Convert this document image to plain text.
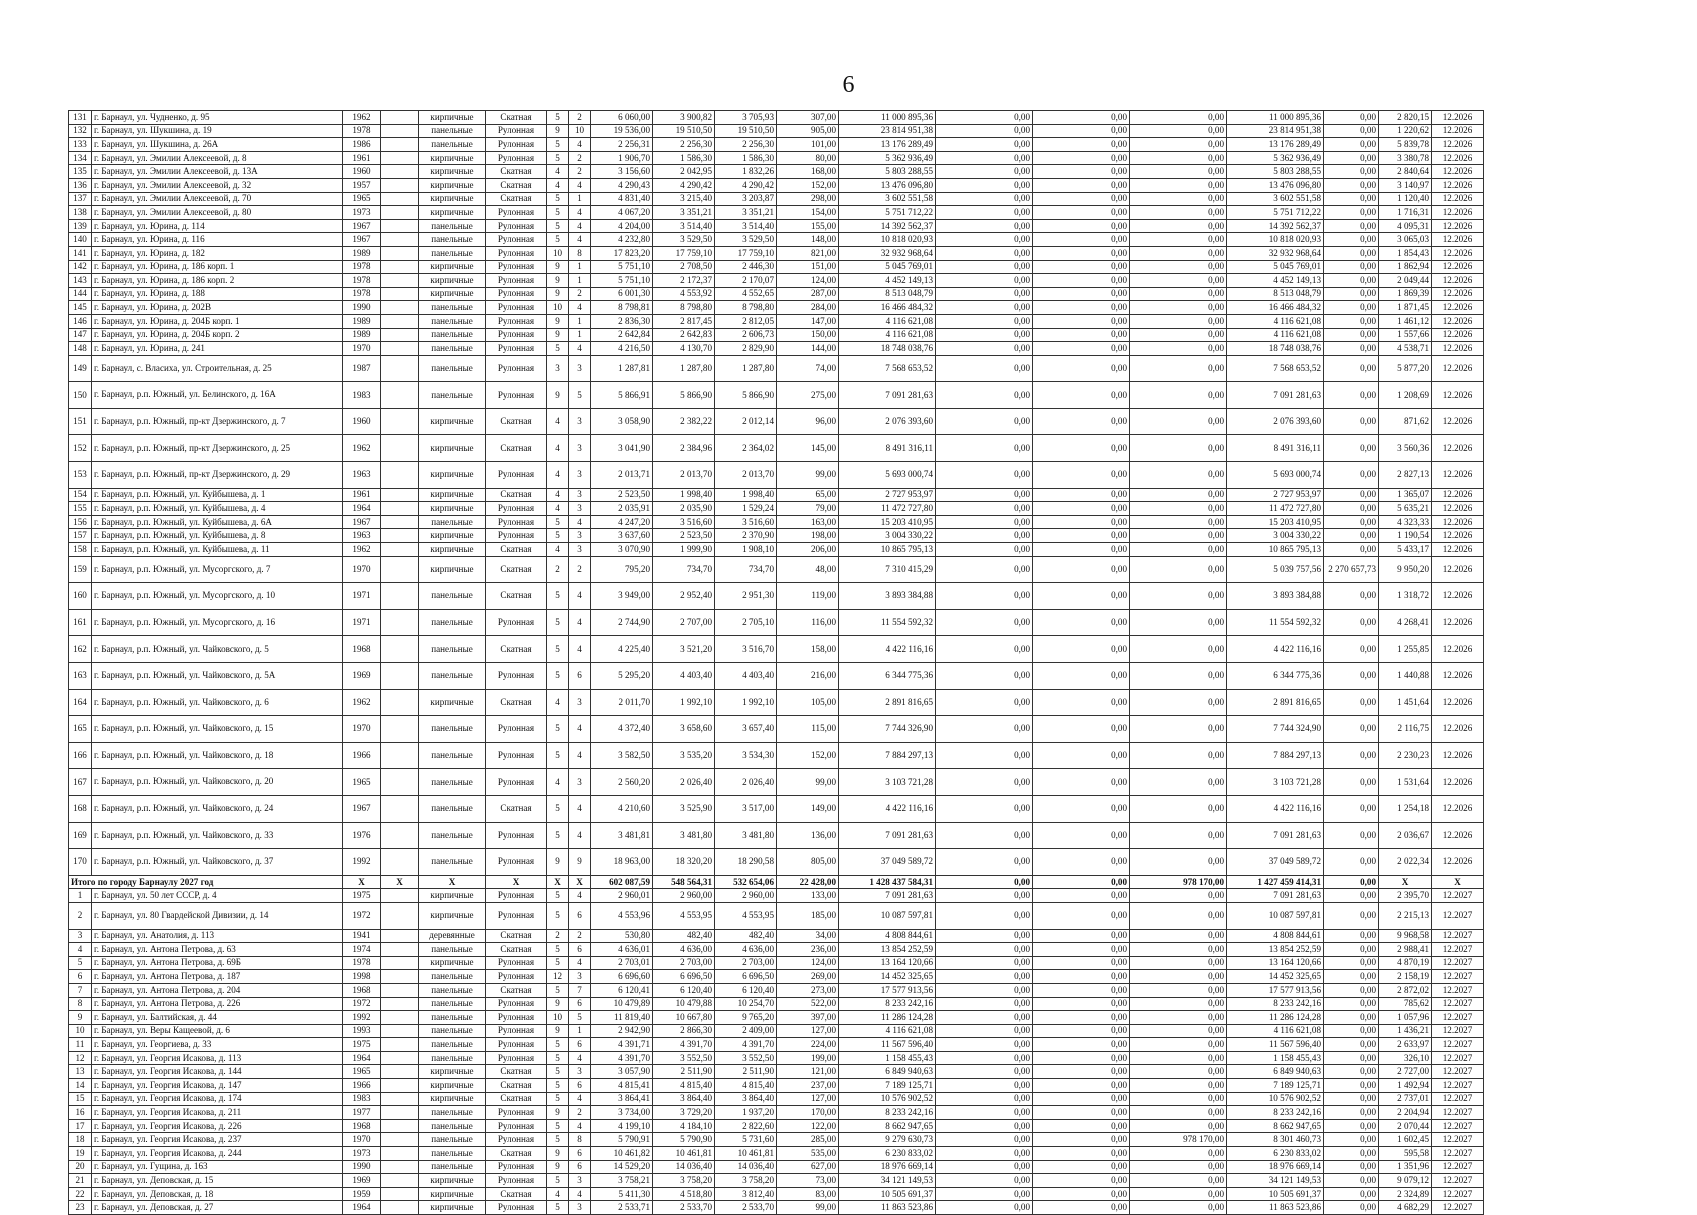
6
131	г. Барнаул, ул. Чудненко, д. 95	1962		кирпичные	Скатная	5	2	6 060,00	3 900,82	3 705,93	307,00	11 000 895,36	0,00	0,00	0,00	11 000 895,36	0,00	2 820,15	12.2026
132	г. Барнаул, ул. Шукшина, д. 19	1978		панельные	Рулонная	9	10	19 536,00	19 510,50	19 510,50	905,00	23 814 951,38	0,00	0,00	0,00	23 814 951,38	0,00	1 220,62	12.2026
133	г. Барнаул, ул. Шукшина, д. 26А	1986		панельные	Рулонная	5	4	2 256,31	2 256,30	2 256,30	101,00	13 176 289,49	0,00	0,00	0,00	13 176 289,49	0,00	5 839,78	12.2026
134	г. Барнаул, ул. Эмилии Алексеевой, д. 8	1961		кирпичные	Рулонная	5	2	1 906,70	1 586,30	1 586,30	80,00	5 362 936,49	0,00	0,00	0,00	5 362 936,49	0,00	3 380,78	12.2026
135	г. Барнаул, ул. Эмилии Алексеевой, д. 13А	1960		кирпичные	Скатная	4	2	3 156,60	2 042,95	1 832,26	168,00	5 803 288,55	0,00	0,00	0,00	5 803 288,55	0,00	2 840,64	12.2026
136	г. Барнаул, ул. Эмилии Алексеевой, д. 32	1957		кирпичные	Скатная	4	4	4 290,43	4 290,42	4 290,42	152,00	13 476 096,80	0,00	0,00	0,00	13 476 096,80	0,00	3 140,97	12.2026
137	г. Барнаул, ул. Эмилии Алексеевой, д. 70	1965		кирпичные	Скатная	5	1	4 831,40	3 215,40	3 203,87	298,00	3 602 551,58	0,00	0,00	0,00	3 602 551,58	0,00	1 120,40	12.2026
138	г. Барнаул, ул. Эмилии Алексеевой, д. 80	1973		кирпичные	Рулонная	5	4	4 067,20	3 351,21	3 351,21	154,00	5 751 712,22	0,00	0,00	0,00	5 751 712,22	0,00	1 716,31	12.2026
139	г. Барнаул, ул. Юрина, д. 114	1967		панельные	Рулонная	5	4	4 204,00	3 514,40	3 514,40	155,00	14 392 562,37	0,00	0,00	0,00	14 392 562,37	0,00	4 095,31	12.2026
140	г. Барнаул, ул. Юрина, д. 116	1967		панельные	Рулонная	5	4	4 232,80	3 529,50	3 529,50	148,00	10 818 020,93	0,00	0,00	0,00	10 818 020,93	0,00	3 065,03	12.2026
141	г. Барнаул, ул. Юрина, д. 182	1989		панельные	Рулонная	10	8	17 823,20	17 759,10	17 759,10	821,00	32 932 968,64	0,00	0,00	0,00	32 932 968,64	0,00	1 854,43	12.2026
142	г. Барнаул, ул. Юрина, д. 186 корп. 1	1978		кирпичные	Рулонная	9	1	5 751,10	2 708,50	2 446,30	151,00	5 045 769,01	0,00	0,00	0,00	5 045 769,01	0,00	1 862,94	12.2026
143	г. Барнаул, ул. Юрина, д. 186 корп. 2	1978		кирпичные	Рулонная	9	1	5 751,10	2 172,37	2 170,07	124,00	4 452 149,13	0,00	0,00	0,00	4 452 149,13	0,00	2 049,44	12.2026
144	г. Барнаул, ул. Юрина, д. 188	1978		кирпичные	Рулонная	9	2	6 001,30	4 553,92	4 552,65	287,00	8 513 048,79	0,00	0,00	0,00	8 513 048,79	0,00	1 869,39	12.2026
145	г. Барнаул, ул. Юрина, д. 202В	1990		панельные	Рулонная	10	4	8 798,81	8 798,80	8 798,80	284,00	16 466 484,32	0,00	0,00	0,00	16 466 484,32	0,00	1 871,45	12.2026
146	г. Барнаул, ул. Юрина, д. 204Б корп. 1	1989		панельные	Рулонная	9	1	2 836,30	2 817,45	2 812,05	147,00	4 116 621,08	0,00	0,00	0,00	4 116 621,08	0,00	1 461,12	12.2026
147	г. Барнаул, ул. Юрина, д. 204Б корп. 2	1989		панельные	Рулонная	9	1	2 642,84	2 642,83	2 606,73	150,00	4 116 621,08	0,00	0,00	0,00	4 116 621,08	0,00	1 557,66	12.2026
148	г. Барнаул, ул. Юрина, д. 241	1970		панельные	Рулонная	5	4	4 216,50	4 130,70	2 829,90	144,00	18 748 038,76	0,00	0,00	0,00	18 748 038,76	0,00	4 538,71	12.2026
149	г. Барнаул, с. Власиха, ул. Строительная, д. 25	1987		панельные	Рулонная	3	3	1 287,81	1 287,80	1 287,80	74,00	7 568 653,52	0,00	0,00	0,00	7 568 653,52	0,00	5 877,20	12.2026
150	г. Барнаул, р.п. Южный, ул. Белинского, д. 16А	1983		панельные	Рулонная	9	5	5 866,91	5 866,90	5 866,90	275,00	7 091 281,63	0,00	0,00	0,00	7 091 281,63	0,00	1 208,69	12.2026
151	г. Барнаул, р.п. Южный, пр-кт Дзержинского, д. 7	1960		кирпичные	Скатная	4	3	3 058,90	2 382,22	2 012,14	96,00	2 076 393,60	0,00	0,00	0,00	2 076 393,60	0,00	871,62	12.2026
152	г. Барнаул, р.п. Южный, пр-кт Дзержинского, д. 25	1962		кирпичные	Скатная	4	3	3 041,90	2 384,96	2 364,02	145,00	8 491 316,11	0,00	0,00	0,00	8 491 316,11	0,00	3 560,36	12.2026
153	г. Барнаул, р.п. Южный, пр-кт Дзержинского, д. 29	1963		кирпичные	Рулонная	4	3	2 013,71	2 013,70	2 013,70	99,00	5 693 000,74	0,00	0,00	0,00	5 693 000,74	0,00	2 827,13	12.2026
154	г. Барнаул, р.п. Южный, ул. Куйбышева, д. 1	1961		кирпичные	Скатная	4	3	2 523,50	1 998,40	1 998,40	65,00	2 727 953,97	0,00	0,00	0,00	2 727 953,97	0,00	1 365,07	12.2026
155	г. Барнаул, р.п. Южный, ул. Куйбышева, д. 4	1964		кирпичные	Рулонная	4	3	2 035,91	2 035,90	1 529,24	79,00	11 472 727,80	0,00	0,00	0,00	11 472 727,80	0,00	5 635,21	12.2026
156	г. Барнаул, р.п. Южный, ул. Куйбышева, д. 6А	1967		панельные	Рулонная	5	4	4 247,20	3 516,60	3 516,60	163,00	15 203 410,95	0,00	0,00	0,00	15 203 410,95	0,00	4 323,33	12.2026
157	г. Барнаул, р.п. Южный, ул. Куйбышева, д. 8	1963		кирпичные	Рулонная	5	3	3 637,60	2 523,50	2 370,90	198,00	3 004 330,22	0,00	0,00	0,00	3 004 330,22	0,00	1 190,54	12.2026
158	г. Барнаул, р.п. Южный, ул. Куйбышева, д. 11	1962		кирпичные	Скатная	4	3	3 070,90	1 999,90	1 908,10	206,00	10 865 795,13	0,00	0,00	0,00	10 865 795,13	0,00	5 433,17	12.2026
159	г. Барнаул, р.п. Южный, ул. Мусоргского, д. 7	1970		кирпичные	Скатная	2	2	795,20	734,70	734,70	48,00	7 310 415,29	0,00	0,00	0,00	5 039 757,56	2 270 657,73	9 950,20	12.2026
160	г. Барнаул, р.п. Южный, ул. Мусоргского, д. 10	1971		панельные	Скатная	5	4	3 949,00	2 952,40	2 951,30	119,00	3 893 384,88	0,00	0,00	0,00	3 893 384,88	0,00	1 318,72	12.2026
161	г. Барнаул, р.п. Южный, ул. Мусоргского, д. 16	1971		панельные	Рулонная	5	4	2 744,90	2 707,00	2 705,10	116,00	11 554 592,32	0,00	0,00	0,00	11 554 592,32	0,00	4 268,41	12.2026
162	г. Барнаул, р.п. Южный, ул. Чайковского, д. 5	1968		панельные	Скатная	5	4	4 225,40	3 521,20	3 516,70	158,00	4 422 116,16	0,00	0,00	0,00	4 422 116,16	0,00	1 255,85	12.2026
163	г. Барнаул, р.п. Южный, ул. Чайковского, д. 5А	1969		панельные	Рулонная	5	6	5 295,20	4 403,40	4 403,40	216,00	6 344 775,36	0,00	0,00	0,00	6 344 775,36	0,00	1 440,88	12.2026
164	г. Барнаул, р.п. Южный, ул. Чайковского, д. 6	1962		кирпичные	Скатная	4	3	2 011,70	1 992,10	1 992,10	105,00	2 891 816,65	0,00	0,00	0,00	2 891 816,65	0,00	1 451,64	12.2026
165	г. Барнаул, р.п. Южный, ул. Чайковского, д. 15	1970		панельные	Рулонная	5	4	4 372,40	3 658,60	3 657,40	115,00	7 744 326,90	0,00	0,00	0,00	7 744 324,90	0,00	2 116,75	12.2026
166	г. Барнаул, р.п. Южный, ул. Чайковского, д. 18	1966		панельные	Рулонная	5	4	3 582,50	3 535,20	3 534,30	152,00	7 884 297,13	0,00	0,00	0,00	7 884 297,13	0,00	2 230,23	12.2026
167	г. Барнаул, р.п. Южный, ул. Чайковского, д. 20	1965		панельные	Рулонная	4	3	2 560,20	2 026,40	2 026,40	99,00	3 103 721,28	0,00	0,00	0,00	3 103 721,28	0,00	1 531,64	12.2026
168	г. Барнаул, р.п. Южный, ул. Чайковского, д. 24	1967		панельные	Скатная	5	4	4 210,60	3 525,90	3 517,00	149,00	4 422 116,16	0,00	0,00	0,00	4 422 116,16	0,00	1 254,18	12.2026
169	г. Барнаул, р.п. Южный, ул. Чайковского, д. 33	1976		панельные	Рулонная	5	4	3 481,81	3 481,80	3 481,80	136,00	7 091 281,63	0,00	0,00	0,00	7 091 281,63	0,00	2 036,67	12.2026
170	г. Барнаул, р.п. Южный, ул. Чайковского, д. 37	1992		панельные	Рулонная	9	9	18 963,00	18 320,20	18 290,58	805,00	37 049 589,72	0,00	0,00	0,00	37 049 589,72	0,00	2 022,34	12.2026
Итого по городу Барнаулу 2027 год		X	X	X	X	X	X	602 087,59	548 564,31	532 654,06	22 428,00	1 428 437 584,31	0,00	0,00	978 170,00	1 427 459 414,31	0,00	X	X
1	г. Барнаул, ул. 50 лет СССР, д. 4	1975		кирпичные	Рулонная	5	4	2 960,01	2 960,00	2 960,00	133,00	7 091 281,63	0,00	0,00	0,00	7 091 281,63	0,00	2 395,70	12.2027
2	г. Барнаул, ул. 80 Гвардейской Дивизии, д. 14	1972		кирпичные	Рулонная	5	6	4 553,96	4 553,95	4 553,95	185,00	10 087 597,81	0,00	0,00	0,00	10 087 597,81	0,00	2 215,13	12.2027
3	г. Барнаул, ул. Анатолия, д. 113	1941		деревянные	Скатная	2	2	530,80	482,40	482,40	34,00	4 808 844,61	0,00	0,00	0,00	4 808 844,61	0,00	9 968,58	12.2027
4	г. Барнаул, ул. Антона Петрова, д. 63	1974		панельные	Скатная	5	6	4 636,01	4 636,00	4 636,00	236,00	13 854 252,59	0,00	0,00	0,00	13 854 252,59	0,00	2 988,41	12.2027
5	г. Барнаул, ул. Антона Петрова, д. 69Б	1978		кирпичные	Рулонная	5	4	2 703,01	2 703,00	2 703,00	124,00	13 164 120,66	0,00	0,00	0,00	13 164 120,66	0,00	4 870,19	12.2027
6	г. Барнаул, ул. Антона Петрова, д. 187	1998		панельные	Рулонная	12	3	6 696,60	6 696,50	6 696,50	269,00	14 452 325,65	0,00	0,00	0,00	14 452 325,65	0,00	2 158,19	12.2027
7	г. Барнаул, ул. Антона Петрова, д. 204	1968		панельные	Скатная	5	7	6 120,41	6 120,40	6 120,40	273,00	17 577 913,56	0,00	0,00	0,00	17 577 913,56	0,00	2 872,02	12.2027
8	г. Барнаул, ул. Антона Петрова, д. 226	1972		панельные	Рулонная	9	6	10 479,89	10 479,88	10 254,70	522,00	8 233 242,16	0,00	0,00	0,00	8 233 242,16	0,00	785,62	12.2027
9	г. Барнаул, ул. Балтийская, д. 44	1992		панельные	Рулонная	10	5	11 819,40	10 667,80	9 765,20	397,00	11 286 124,28	0,00	0,00	0,00	11 286 124,28	0,00	1 057,96	12.2027
10	г. Барнаул, ул. Веры Кащеевой, д. 6	1993		панельные	Рулонная	9	1	2 942,90	2 866,30	2 409,00	127,00	4 116 621,08	0,00	0,00	0,00	4 116 621,08	0,00	1 436,21	12.2027
11	г. Барнаул, ул. Георгиева, д. 33	1975		панельные	Рулонная	5	6	4 391,71	4 391,70	4 391,70	224,00	11 567 596,40	0,00	0,00	0,00	11 567 596,40	0,00	2 633,97	12.2027
12	г. Барнаул, ул. Георгия Исакова, д. 113	1964		панельные	Рулонная	5	4	4 391,70	3 552,50	3 552,50	199,00	1 158 455,43	0,00	0,00	0,00	1 158 455,43	0,00	326,10	12.2027
13	г. Барнаул, ул. Георгия Исакова, д. 144	1965		кирпичные	Скатная	5	3	3 057,90	2 511,90	2 511,90	121,00	6 849 940,63	0,00	0,00	0,00	6 849 940,63	0,00	2 727,00	12.2027
14	г. Барнаул, ул. Георгия Исакова, д. 147	1966		кирпичные	Скатная	5	6	4 815,41	4 815,40	4 815,40	237,00	7 189 125,71	0,00	0,00	0,00	7 189 125,71	0,00	1 492,94	12.2027
15	г. Барнаул, ул. Георгия Исакова, д. 174	1983		кирпичные	Скатная	5	4	3 864,41	3 864,40	3 864,40	127,00	10 576 902,52	0,00	0,00	0,00	10 576 902,52	0,00	2 737,01	12.2027
16	г. Барнаул, ул. Георгия Исакова, д. 211	1977		панельные	Рулонная	9	2	3 734,00	3 729,20	1 937,20	170,00	8 233 242,16	0,00	0,00	0,00	8 233 242,16	0,00	2 204,94	12.2027
17	г. Барнаул, ул. Георгия Исакова, д. 226	1968		панельные	Рулонная	5	4	4 199,10	4 184,10	2 822,60	122,00	8 662 947,65	0,00	0,00	0,00	8 662 947,65	0,00	2 070,44	12.2027
18	г. Барнаул, ул. Георгия Исакова, д. 237	1970		панельные	Рулонная	5	8	5 790,91	5 790,90	5 731,60	285,00	9 279 630,73	0,00	0,00	978 170,00	8 301 460,73	0,00	1 602,45	12.2027
19	г. Барнаул, ул. Георгия Исакова, д. 244	1973		панельные	Скатная	9	6	10 461,82	10 461,81	10 461,81	535,00	6 230 833,02	0,00	0,00	0,00	6 230 833,02	0,00	595,58	12.2027
20	г. Барнаул, ул. Гущина, д. 163	1990		панельные	Рулонная	9	6	14 529,20	14 036,40	14 036,40	627,00	18 976 669,14	0,00	0,00	0,00	18 976 669,14	0,00	1 351,96	12.2027
21	г. Барнаул, ул. Деповская, д. 15	1969		кирпичные	Рулонная	5	3	3 758,21	3 758,20	3 758,20	73,00	34 121 149,53	0,00	0,00	0,00	34 121 149,53	0,00	9 079,12	12.2027
22	г. Барнаул, ул. Деповская, д. 18	1959		кирпичные	Скатная	4	4	5 411,30	4 518,80	3 812,40	83,00	10 505 691,37	0,00	0,00	0,00	10 505 691,37	0,00	2 324,89	12.2027
23	г. Барнаул, ул. Деповская, д. 27	1964		кирпичные	Рулонная	5	3	2 533,71	2 533,70	2 533,70	99,00	11 863 523,86	0,00	0,00	0,00	11 863 523,86	0,00	4 682,29	12.2027
